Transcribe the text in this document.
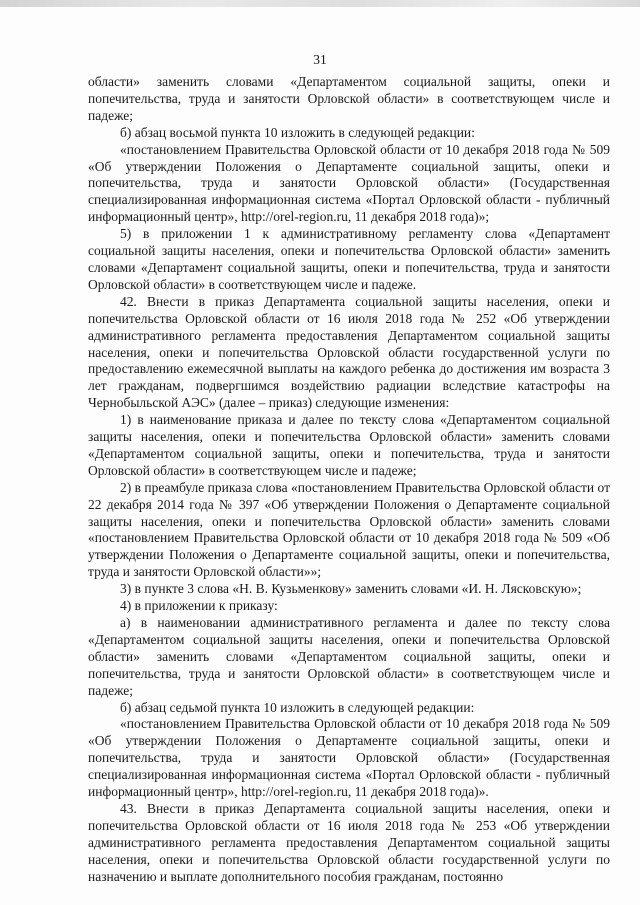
31

области» заменить словами «Департаментом социальной защиты, опеки и попечительства, труда и занятости Орловской области» в соответствующем числе и падеже;

б) абзац восьмой пункта 10 изложить в следующей редакции:

«постановлением Правительства Орловской области от 10 декабря 2018 года № 509 «Об утверждении Положения о Департаменте социальной защиты, опеки и попечительства, труда и занятости Орловской области» (Государственная специализированная информационная система «Портал Орловской области - публичный информационный центр», http://orel-region.ru, 11 декабря 2018 года)»;

5) в приложении 1 к административному регламенту слова «Департамент социальной защиты населения, опеки и попечительства Орловской области» заменить словами «Департамент социальной защиты, опеки и попечительства, труда и занятости Орловской области» в соответствующем числе и падеже.

42. Внести в приказ Департамента социальной защиты населения, опеки и попечительства Орловской области от 16 июля 2018 года № 252 «Об утверждении административного регламента предоставления Департаментом социальной защиты населения, опеки и попечительства Орловской области государственной услуги по предоставлению ежемесячной выплаты на каждого ребенка до достижения им возраста 3 лет гражданам, подвергшимся воздействию радиации вследствие катастрофы на Чернобыльской АЭС» (далее – приказ) следующие изменения:

1) в наименование приказа и далее по тексту слова «Департаментом социальной защиты населения, опеки и попечительства Орловской области» заменить словами «Департаментом социальной защиты, опеки и попечительства, труда и занятости Орловской области» в соответствующем числе и падеже;

2) в преамбуле приказа слова «постановлением Правительства Орловской области от 22 декабря 2014 года № 397 «Об утверждении Положения о Департаменте социальной защиты населения, опеки и попечительства Орловской области» заменить словами «постановлением Правительства Орловской области от 10 декабря 2018 года № 509 «Об утверждении Положения о Департаменте социальной защиты, опеки и попечительства, труда и занятости Орловской области»»;

3) в пункте 3 слова «Н. В. Кузьменкову» заменить словами «И. Н. Лясковскую»;

4) в приложении к приказу:

а) в наименовании административного регламента и далее по тексту слова «Департаментом социальной защиты населения, опеки и попечительства Орловской области» заменить словами «Департаментом социальной защиты, опеки и попечительства, труда и занятости Орловской области» в соответствующем числе и падеже;

б) абзац седьмой пункта 10 изложить в следующей редакции:

«постановлением Правительства Орловской области от 10 декабря 2018 года № 509 «Об утверждении Положения о Департаменте социальной защиты, опеки и попечительства, труда и занятости Орловской области» (Государственная специализированная информационная система «Портал Орловской области - публичный информационный центр», http://orel-region.ru, 11 декабря 2018 года)».

43. Внести в приказ Департамента социальной защиты населения, опеки и попечительства Орловской области от 16 июля 2018 года № 253 «Об утверждении административного регламента предоставления Департаментом социальной защиты населения, опеки и попечительства Орловской области государственной услуги по назначению и выплате дополнительного пособия гражданам, постоянно
